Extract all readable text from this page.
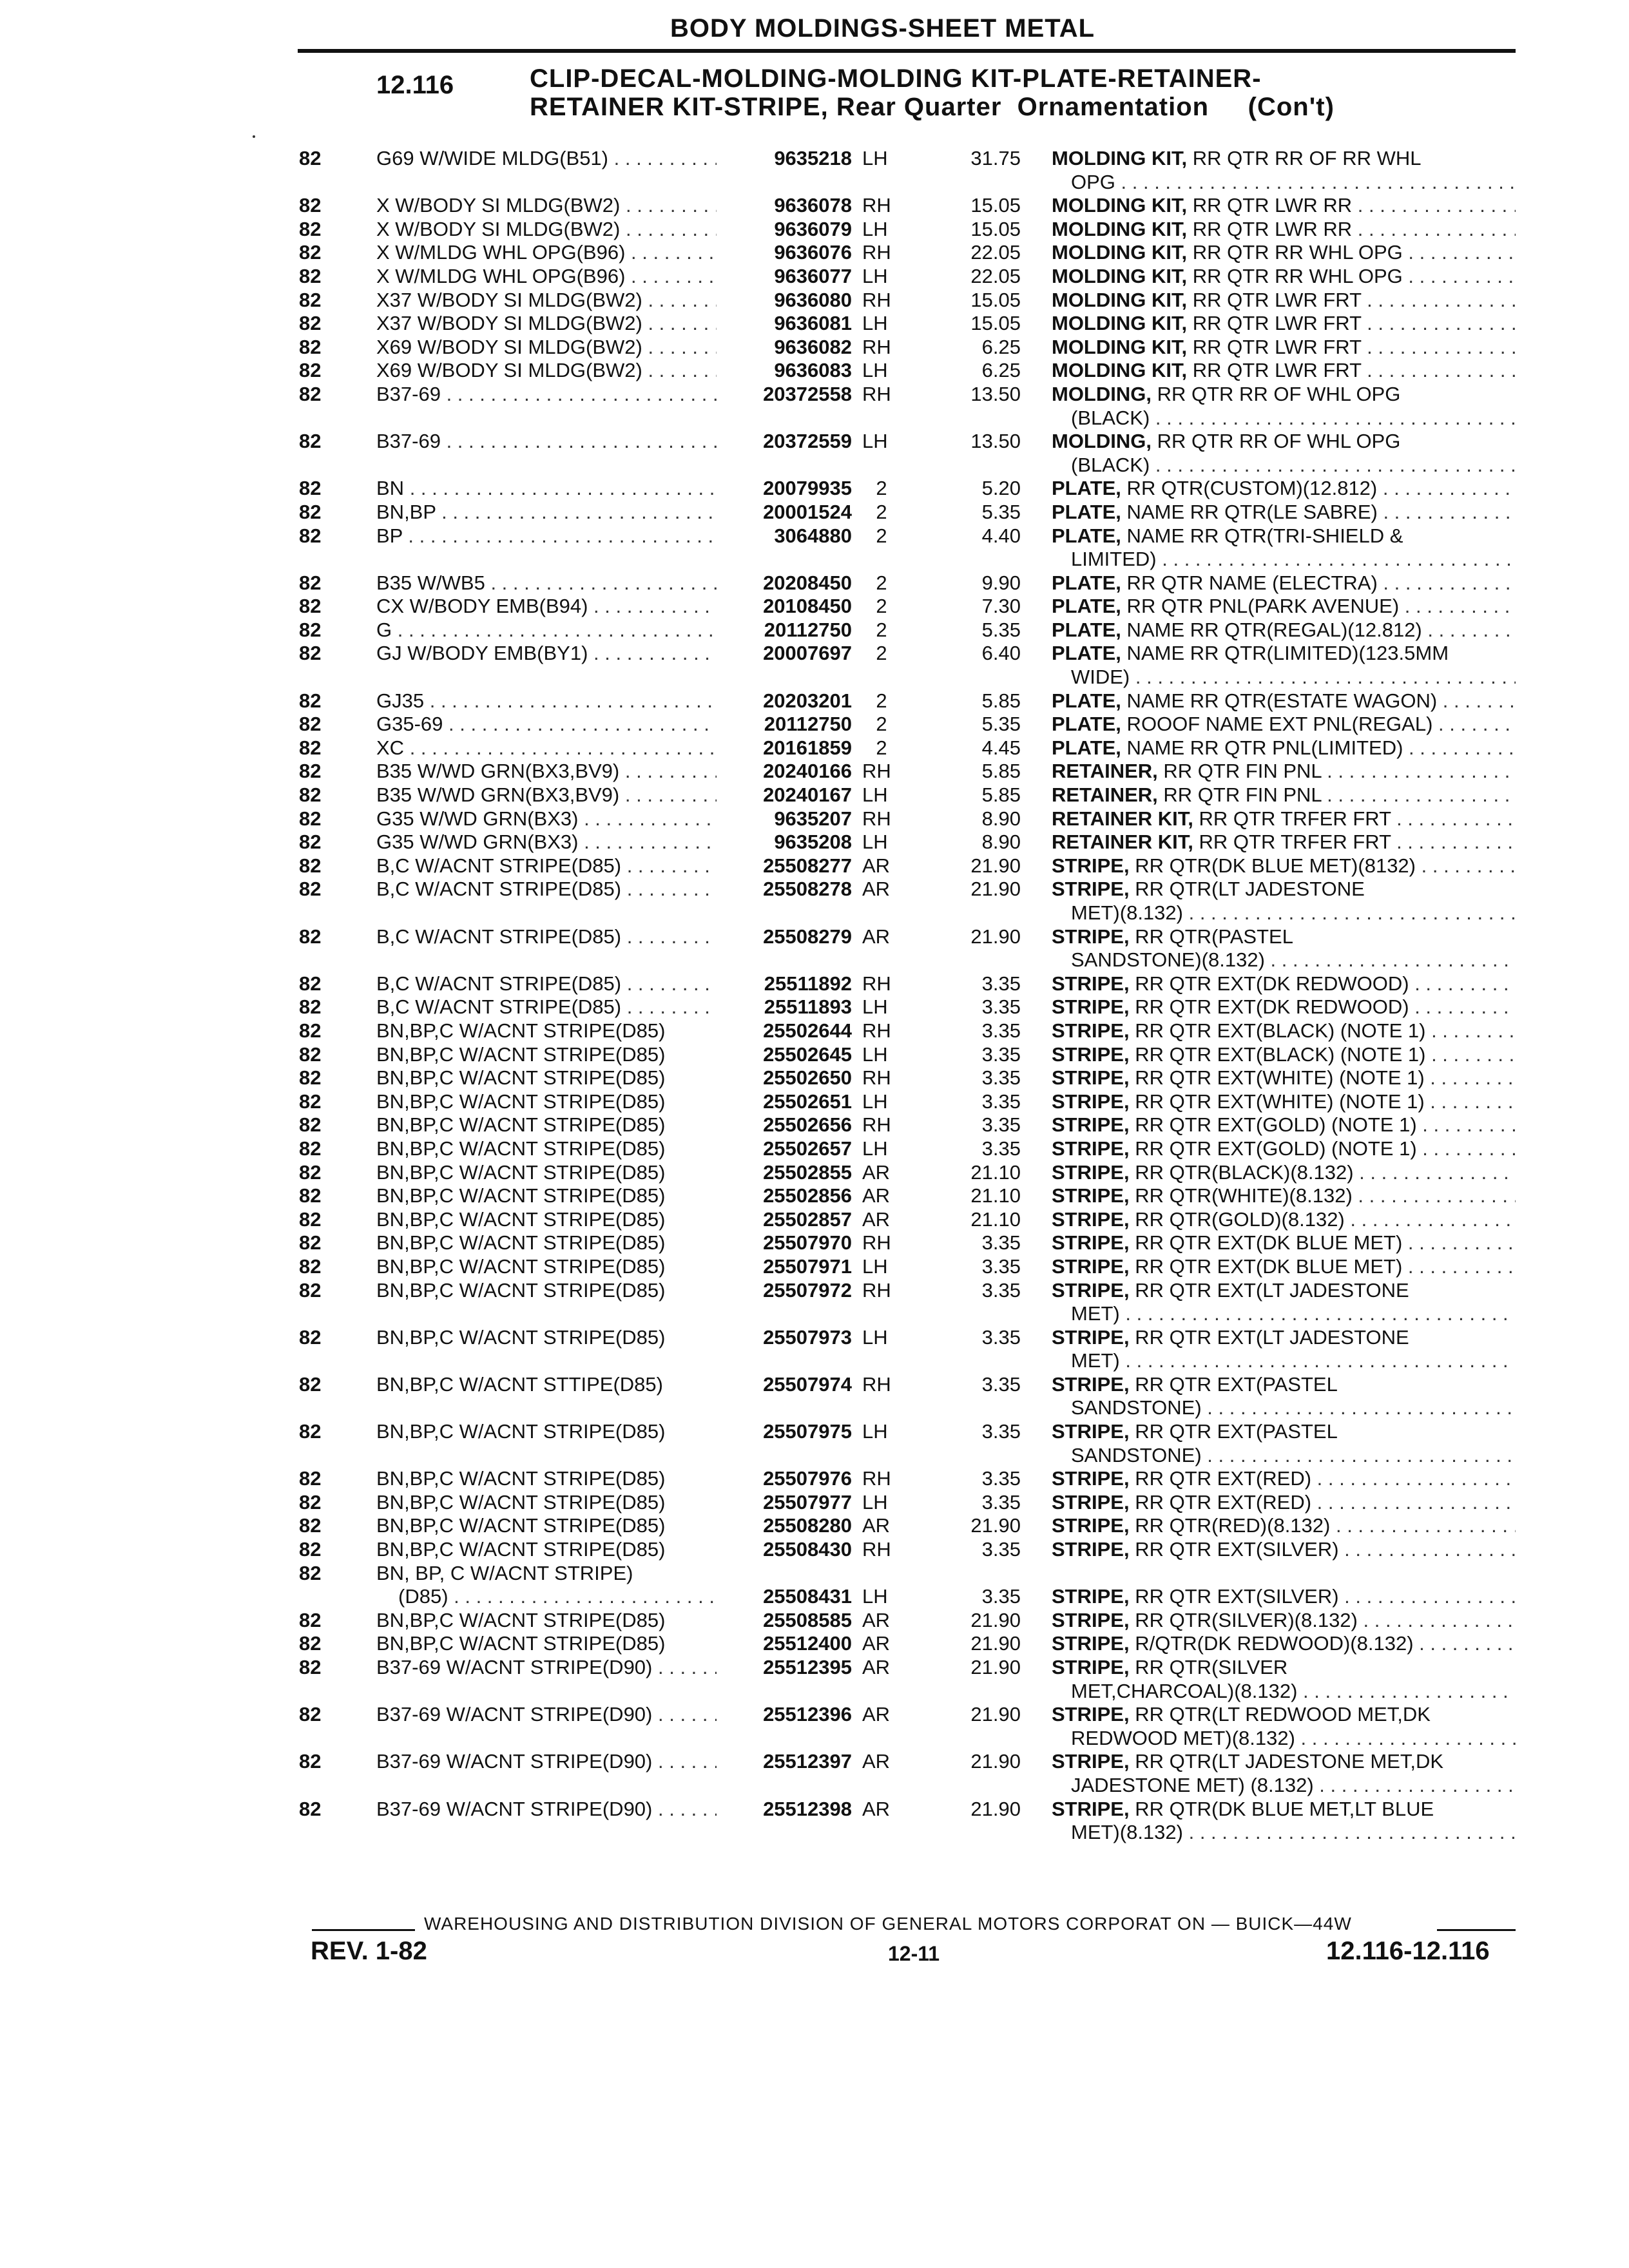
BODY MOLDINGS-SHEET METAL
12.116	CLIP-DECAL-MOLDING-MOLDING KIT-PLATE-RETAINER-
RETAINER KIT-STRIPE, Rear Quarter  Ornamentation     (Con't)
82	G69 W/WIDE MLDG(B51) . . .	9635218 LH	31.75 MOLDING KIT, RR QTR RR OF RR WHL
OPG . . .
82	X W/BODY SI MLDG(BW2) . . .	9636078 RH	15.05 MOLDING KIT, RR QTR LWR RR . . .
82	X W/BODY SI MLDG(BW2) . . .	9636079 LH	15.05 MOLDING KIT, RR QTR LWR RR . . .
82	X W/MLDG WHL OPG(B96) . . .	9636076 RH	22.05 MOLDING KIT, RR QTR RR WHL OPG . . .
82	X W/MLDG WHL OPG(B96) . . .	9636077 LH	22.05 MOLDING KIT, RR QTR RR WHL OPG . . .
82	X37 W/BODY SI MLDG(BW2) . . .	9636080 RH	15.05 MOLDING KIT, RR QTR LWR FRT . . .
82	X37 W/BODY SI MLDG(BW2) . . .	9636081 LH	15.05 MOLDING KIT, RR QTR LWR FRT . . .
82	X69 W/BODY SI MLDG(BW2) . . .	9636082 RH	6.25 MOLDING KIT, RR QTR LWR FRT . . .
82	X69 W/BODY SI MLDG(BW2) . . .	9636083 LH	6.25 MOLDING KIT, RR QTR LWR FRT . . .
82	B37-69 . . .	20372558 RH	13.50 MOLDING, RR QTR RR OF WHL OPG
(BLACK) . . .
82	B37-69 . . .	20372559 LH	13.50 MOLDING, RR QTR RR OF WHL OPG
(BLACK) . . .
82	BN . . .	20079935	2	5.20 PLATE, RR QTR(CUSTOM)(12.812) . . .
82	BN,BP . . .	20001524	2	5.35 PLATE, NAME RR QTR(LE SABRE) . . .
82	BP . . .	3064880	2	4.40 PLATE, NAME RR QTR(TRI-SHIELD &
LIMITED) . . .
82	B35 W/WB5 . . .	20208450	2	9.90 PLATE, RR QTR NAME (ELECTRA) . . .
82	CX W/BODY EMB(B94) . . .	20108450	2	7.30 PLATE, RR QTR PNL(PARK AVENUE) . . .
82	G . . .	20112750	2	5.35 PLATE, NAME RR QTR(REGAL)(12.812) . . .
82	GJ W/BODY EMB(BY1) . . .	20007697	2	6.40 PLATE, NAME RR QTR(LIMITED)(123.5MM
WIDE) . . .
82	GJ35 . . .	20203201	2	5.85 PLATE, NAME RR QTR(ESTATE WAGON) . . .
82	G35-69 . . .	20112750	2	5.35 PLATE, ROOOF NAME EXT PNL(REGAL) . . .
82	XC . . .	20161859	2	4.45 PLATE, NAME RR QTR PNL(LIMITED) . . .
82	B35 W/WD GRN(BX3,BV9) . . .	20240166 RH	5.85 RETAINER, RR QTR FIN PNL . . .
82	B35 W/WD GRN(BX3,BV9) . . .	20240167 LH	5.85 RETAINER, RR QTR FIN PNL . . .
82	G35 W/WD GRN(BX3) . . .	9635207 RH	8.90 RETAINER KIT, RR QTR TRFER FRT . . .
82	G35 W/WD GRN(BX3) . . .	9635208 LH	8.90 RETAINER KIT, RR QTR TRFER FRT . . .
82	B,C W/ACNT STRIPE(D85) . . .	25508277 AR	21.90 STRIPE, RR QTR(DK BLUE MET)(8132) . . .
82	B,C W/ACNT STRIPE(D85) . . .	25508278 AR	21.90 STRIPE, RR QTR(LT JADESTONE
MET)(8.132) . . .
82	B,C W/ACNT STRIPE(D85) . . .	25508279 AR	21.90 STRIPE, RR QTR(PASTEL
SANDSTONE)(8.132) . . .
82	B,C W/ACNT STRIPE(D85) . . .	25511892 RH	3.35 STRIPE, RR QTR EXT(DK REDWOOD) . . .
82	B,C W/ACNT STRIPE(D85) . . .	25511893 LH	3.35 STRIPE, RR QTR EXT(DK REDWOOD) . . .
82	BN,BP,C W/ACNT STRIPE(D85)	25502644 RH	3.35 STRIPE, RR QTR EXT(BLACK) (NOTE 1) . . .
82	BN,BP,C W/ACNT STRIPE(D85)	25502645 LH	3.35 STRIPE, RR QTR EXT(BLACK) (NOTE 1) . . .
82	BN,BP,C W/ACNT STRIPE(D85)	25502650 RH	3.35 STRIPE, RR QTR EXT(WHITE) (NOTE 1) . . .
82	BN,BP,C W/ACNT STRIPE(D85)	25502651 LH	3.35 STRIPE, RR QTR EXT(WHITE) (NOTE 1) . . .
82	BN,BP,C W/ACNT STRIPE(D85)	25502656 RH	3.35 STRIPE, RR QTR EXT(GOLD) (NOTE 1) . . .
82	BN,BP,C W/ACNT STRIPE(D85)	25502657 LH	3.35 STRIPE, RR QTR EXT(GOLD) (NOTE 1) . . .
82	BN,BP,C W/ACNT STRIPE(D85)	25502855 AR	21.10 STRIPE, RR QTR(BLACK)(8.132) . . .
82	BN,BP,C W/ACNT STRIPE(D85)	25502856 AR	21.10 STRIPE, RR QTR(WHITE)(8.132) . . .
82	BN,BP,C W/ACNT STRIPE(D85)	25502857 AR	21.10 STRIPE, RR QTR(GOLD)(8.132) . . .
82	BN,BP,C W/ACNT STRIPE(D85)	25507970 RH	3.35 STRIPE, RR QTR EXT(DK BLUE MET) . . .
82	BN,BP,C W/ACNT STRIPE(D85)	25507971 LH	3.35 STRIPE, RR QTR EXT(DK BLUE MET) . . .
82	BN,BP,C W/ACNT STRIPE(D85)	25507972 RH	3.35 STRIPE, RR QTR EXT(LT JADESTONE
MET) . . .
82	BN,BP,C W/ACNT STRIPE(D85)	25507973 LH	3.35 STRIPE, RR QTR EXT(LT JADESTONE
MET) . . .
82	BN,BP,C W/ACNT STTIPE(D85)	25507974 RH	3.35 STRIPE, RR QTR EXT(PASTEL
SANDSTONE) . . .
82	BN,BP,C W/ACNT STRIPE(D85)	25507975 LH	3.35 STRIPE, RR QTR EXT(PASTEL
SANDSTONE) . . .
82	BN,BP,C W/ACNT STRIPE(D85)	25507976 RH	3.35 STRIPE, RR QTR EXT(RED) . . .
82	BN,BP,C W/ACNT STRIPE(D85)	25507977 LH	3.35 STRIPE, RR QTR EXT(RED) . . .
82	BN,BP,C W/ACNT STRIPE(D85)	25508280 AR	21.90 STRIPE, RR QTR(RED)(8.132) . . .
82	BN,BP,C W/ACNT STRIPE(D85)	25508430 RH	3.35 STRIPE, RR QTR EXT(SILVER) . . .
82	BN, BP, C W/ACNT STRIPE)
(D85) . . .	25508431 LH	3.35 STRIPE, RR QTR EXT(SILVER) . . .
82	BN,BP,C W/ACNT STRIPE(D85)	25508585 AR	21.90 STRIPE, RR QTR(SILVER)(8.132) . . .
82	BN,BP,C W/ACNT STRIPE(D85)	25512400 AR	21.90 STRIPE, R/QTR(DK REDWOOD)(8.132) . . .
82	B37-69 W/ACNT STRIPE(D90) . . .	25512395 AR	21.90 STRIPE, RR QTR(SILVER
MET,CHARCOAL)(8.132) . . .
82	B37-69 W/ACNT STRIPE(D90) . . .	25512396 AR	21.90 STRIPE, RR QTR(LT REDWOOD MET,DK
REDWOOD MET)(8.132) . . .
82	B37-69 W/ACNT STRIPE(D90) . . .	25512397 AR	21.90 STRIPE, RR QTR(LT JADESTONE MET,DK
JADESTONE MET) (8.132) . . .
82	B37-69 W/ACNT STRIPE(D90) . . .	25512398 AR	21.90 STRIPE, RR QTR(DK BLUE MET,LT BLUE
MET)(8.132) . . .
WAREHOUSING AND DISTRIBUTION DIVISION OF GENERAL MOTORS CORPORAT ON — BUICK—44W
REV. 1-82	12-11	12.116-12.116
